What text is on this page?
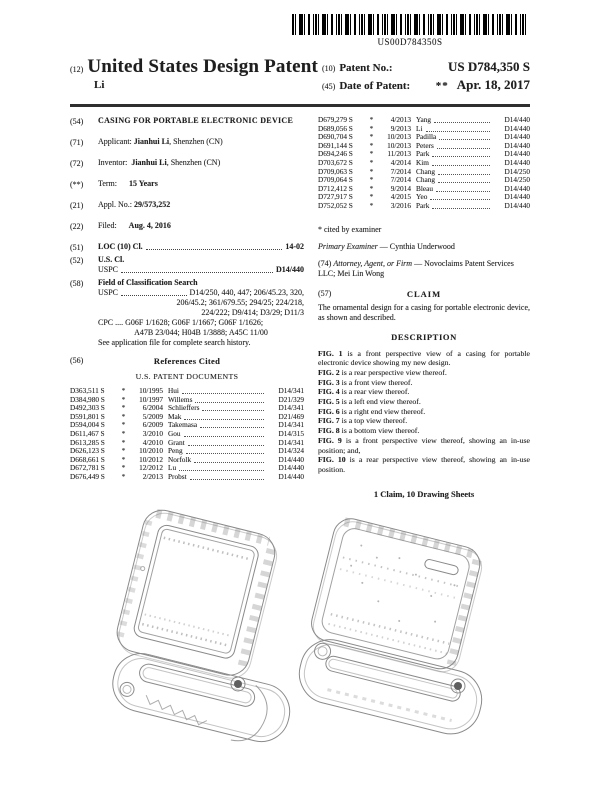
US00D784350S
(12) United States Design Patent
Li
(10) Patent No.:	US D784,350 S
(45) Date of Patent: ** Apr. 18, 2017
(54)	CASING FOR PORTABLE ELECTRONIC DEVICE
(71)	Applicant: Jianhui Li, Shenzhen (CN)
(72)	Inventor: Jianhui Li, Shenzhen (CN)
(**)	Term: 15 Years
(21)	Appl. No.: 29/573,252
(22)	Filed: Aug. 4, 2016
(51)	LOC (10) Cl.	14-02
(52)	U.S. Cl.
USPC	D14/440
(58)	Field of Classification Search
USPC	D14/250, 440, 447; 206/45.23, 320,
206/45.2; 361/679.55; 294/25; 224/218,
224/222; D9/414; D3/29; D11/3
CPC .... G06F 1/1628; G06F 1/1667; G06F 1/1626;
A47B 23/044; H04B 1/3888; A45C 11/00
See application file for complete search history.
(56)	References Cited
U.S. PATENT DOCUMENTS
D363,511 S	*	10/1995 Hui	D14/341
D384,980 S	*	10/1997 Willems	D21/329
D492,303 S	*	6/2004 Schlieffers	D14/341
D591,801 S	*	5/2009 Mak	D21/469
D594,004 S	*	6/2009 Takemasa	D14/341
D611,467 S	*	3/2010 Gou	D14/315
D613,285 S	*	4/2010 Grant	D14/341
D626,123 S	*	10/2010 Peng	D14/324
D668,661 S	*	10/2012 Norfolk	D14/440
D672,781 S	*	12/2012 Lu	D14/440
D676,449 S	*	2/2013 Probst	D14/440
D679,279 S	*	4/2013 Yang	D14/440
D689,056 S	*	9/2013 Li	D14/440
D690,704 S	*	10/2013 Padilla	D14/440
D691,144 S	*	10/2013 Peters	D14/440
D694,246 S	*	11/2013 Park	D14/440
D703,672 S	*	4/2014 Kim	D14/440
D709,063 S	*	7/2014 Chang	D14/250
D709,064 S	*	7/2014 Chang	D14/250
D712,412 S	*	9/2014 Bleau	D14/440
D727,917 S	*	4/2015 Yeo	D14/440
D752,052 S	*	3/2016 Park	D14/440
* cited by examiner
Primary Examiner — Cynthia Underwood
(74) Attorney, Agent, or Firm — Novoclaims Patent Services LLC; Mei Lin Wong
(57)	CLAIM
The ornamental design for a casing for portable electronic device, as shown and described.
DESCRIPTION
FIG. 1 is a front perspective view of a casing for portable electronic device showing my new design.
FIG. 2 is a rear perspective view thereof.
FIG. 3 is a front view thereof.
FIG. 4 is a rear view thereof.
FIG. 5 is a left end view thereof.
FIG. 6 is a right end view thereof.
FIG. 7 is a top view thereof.
FIG. 8 is a bottom view thereof.
FIG. 9 is a front perspective view thereof, showing an in-use position; and,
FIG. 10 is a rear perspective view thereof, showing an in-use position.
1 Claim, 10 Drawing Sheets
